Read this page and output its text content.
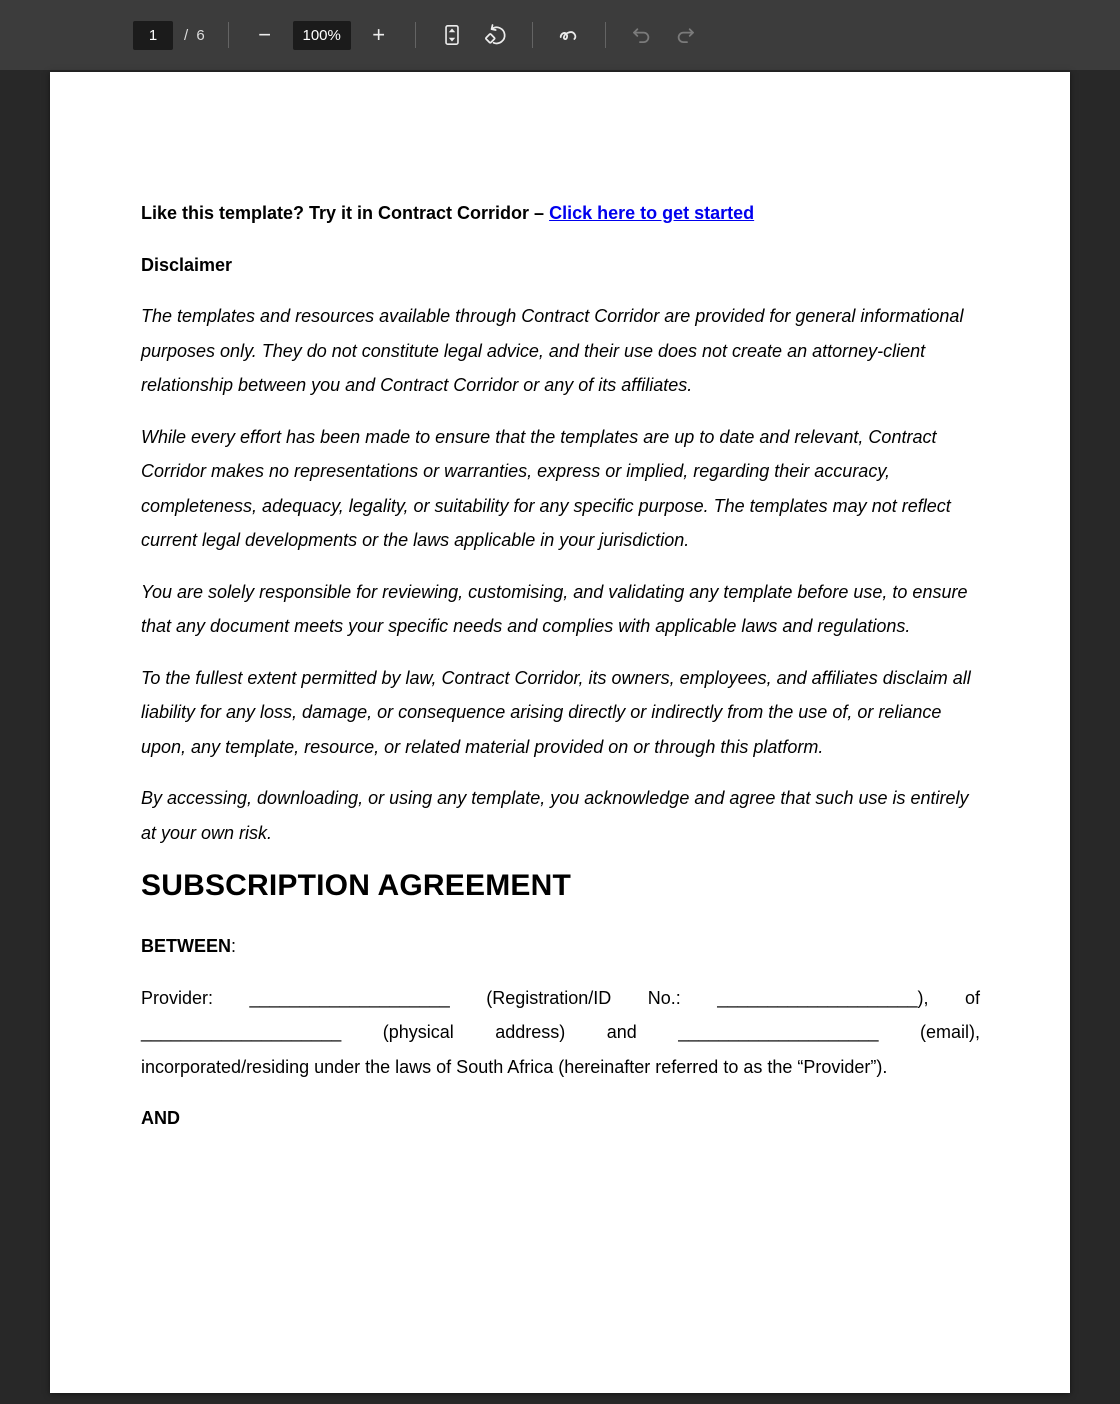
1
/ 6	−	100%	+

Like this template? Try it in Contract Corridor – Click here to get started

Disclaimer

The templates and resources available through Contract Corridor are provided for general informational purposes only. They do not constitute legal advice, and their use does not create an attorney-client relationship between you and Contract Corridor or any of its affiliates.

While every effort has been made to ensure that the templates are up to date and relevant, Contract Corridor makes no representations or warranties, express or implied, regarding their accuracy, completeness, adequacy, legality, or suitability for any specific purpose. The templates may not reflect current legal developments or the laws applicable in your jurisdiction.

You are solely responsible for reviewing, customising, and validating any template before use, to ensure that any document meets your specific needs and complies with applicable laws and regulations.

To the fullest extent permitted by law, Contract Corridor, its owners, employees, and affiliates disclaim all liability for any loss, damage, or consequence arising directly or indirectly from the use of, or reliance upon, any template, resource, or related material provided on or through this platform.

By accessing, downloading, or using any template, you acknowledge and agree that such use is entirely at your own risk.

SUBSCRIPTION AGREEMENT

BETWEEN:

Provider: ____________________ (Registration/ID No.: ____________________), of
____________________ (physical address) and ____________________ (email),
incorporated/residing under the laws of South Africa (hereinafter referred to as the “Provider”).

AND
